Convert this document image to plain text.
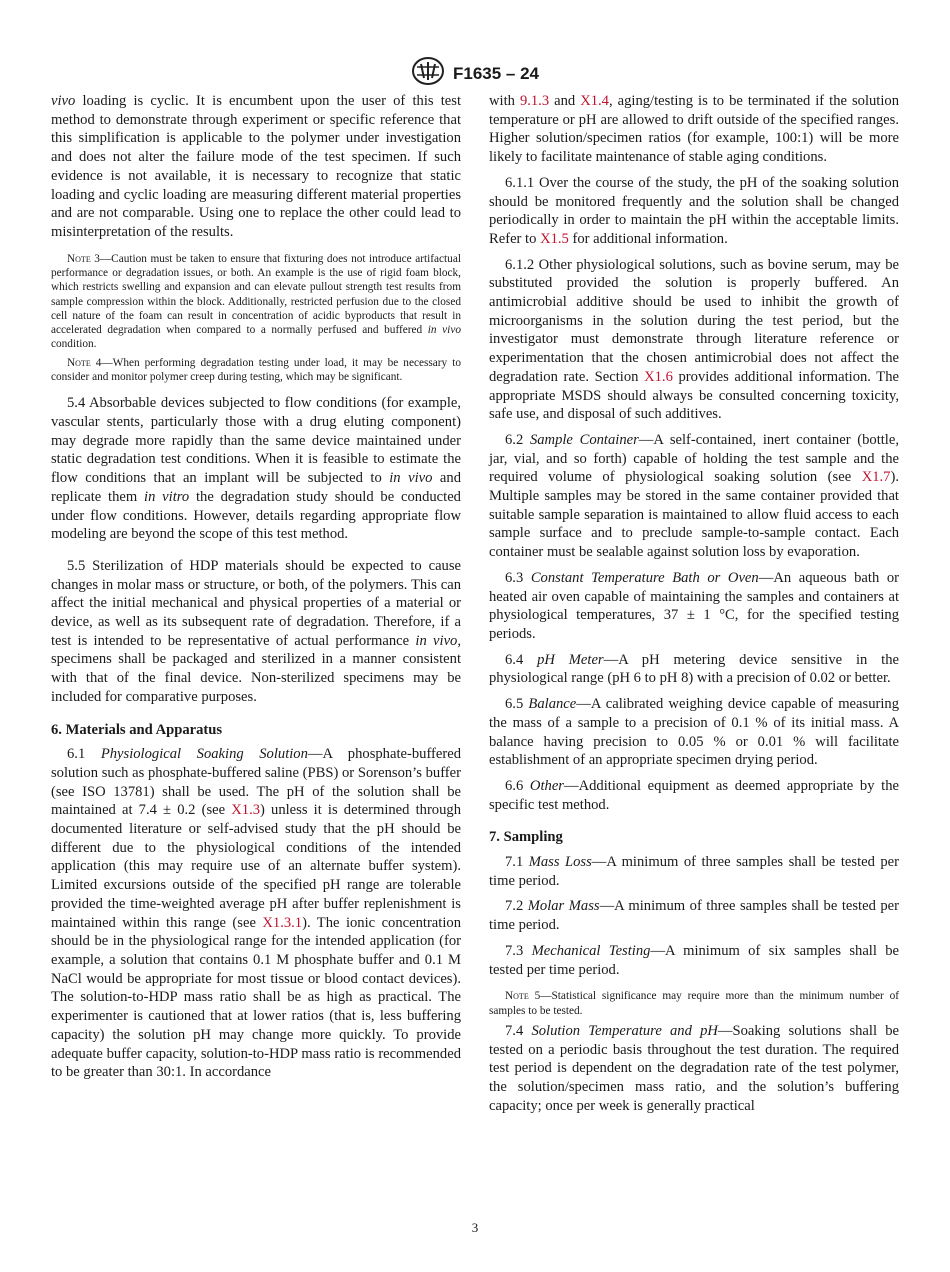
F1635 – 24

vivo loading is cyclic. It is encumbent upon the user of this test method to demonstrate through experiment or specific reference that this simplification is applicable to the polymer under investigation and does not alter the failure mode of the test specimen. If such evidence is not available, it is necessary to recognize that static loading and cyclic loading are measuring different material properties and are not comparable. Using one to replace the other could lead to misinterpretation of the results.

Note 3—Caution must be taken to ensure that fixturing does not introduce artifactual performance or degradation issues, or both. An example is the use of rigid foam block, which restricts swelling and expansion and can elevate pullout strength test results from sample compression within the block. Additionally, restricted perfusion due to the closed cell nature of the foam can result in concentration of acidic byproducts that result in accelerated degradation when compared to a normally perfused and buffered in vivo condition.
Note 4—When performing degradation testing under load, it may be necessary to consider and monitor polymer creep during testing, which may be significant.

5.4 Absorbable devices subjected to flow conditions (for example, vascular stents, particularly those with a drug eluting component) may degrade more rapidly than the same device maintained under static degradation test conditions. When it is feasible to estimate the flow conditions that an implant will be subjected to in vivo and replicate them in vitro the degradation study should be conducted under flow conditions. However, details regarding appropriate flow modeling are beyond the scope of this test method.

5.5 Sterilization of HDP materials should be expected to cause changes in molar mass or structure, or both, of the polymers. This can affect the initial mechanical and physical properties of a material or device, as well as its subsequent rate of degradation. Therefore, if a test is intended to be representative of actual performance in vivo, specimens shall be packaged and sterilized in a manner consistent with that of the final device. Non-sterilized specimens may be included for comparative purposes.

6. Materials and Apparatus

6.1 Physiological Soaking Solution—A phosphate-buffered solution such as phosphate-buffered saline (PBS) or Sorenson’s buffer (see ISO 13781) shall be used. The pH of the solution shall be maintained at 7.4 ± 0.2 (see X1.3) unless it is determined through documented literature or self-advised study that the pH should be different due to the physiological conditions of the intended application (this may require use of an alternate buffer system). Limited excursions outside of the specified pH range are tolerable provided the time-weighted average pH after buffer replenishment is maintained within this range (see X1.3.1). The ionic concentration should be in the physiological range for the intended application (for example, a solution that contains 0.1 M phosphate buffer and 0.1 M NaCl would be appropriate for most tissue or blood contact devices). The solution-to-HDP mass ratio shall be as high as practical. The experimenter is cautioned that at lower ratios (that is, less buffering capacity) the solution pH may change more quickly. To provide adequate buffer capacity, solution-to-HDP mass ratio is recommended to be greater than 30:1. In accordance

with 9.1.3 and X1.4, aging/testing is to be terminated if the solution temperature or pH are allowed to drift outside of the specified ranges. Higher solution/specimen ratios (for example, 100:1) will be more likely to facilitate maintenance of stable aging conditions.

6.1.1 Over the course of the study, the pH of the soaking solution should be monitored frequently and the solution shall be changed periodically in order to maintain the pH within the acceptable limits. Refer to X1.5 for additional information.

6.1.2 Other physiological solutions, such as bovine serum, may be substituted provided the solution is properly buffered. An antimicrobial additive should be used to inhibit the growth of microorganisms in the solution during the test period, but the investigator must demonstrate through literature reference or experimentation that the chosen antimicrobial does not affect the degradation rate. Section X1.6 provides additional information. The appropriate MSDS should always be consulted concerning toxicity, safe use, and disposal of such additives.

6.2 Sample Container—A self-contained, inert container (bottle, jar, vial, and so forth) capable of holding the test sample and the required volume of physiological soaking solution (see X1.7). Multiple samples may be stored in the same container provided that suitable sample separation is maintained to allow fluid access to each sample surface and to preclude sample-to-sample contact. Each container must be sealable against solution loss by evaporation.

6.3 Constant Temperature Bath or Oven—An aqueous bath or heated air oven capable of maintaining the samples and containers at physiological temperatures, 37 ± 1 °C, for the specified testing periods.

6.4 pH Meter—A pH metering device sensitive in the physiological range (pH 6 to pH 8) with a precision of 0.02 or better.

6.5 Balance—A calibrated weighing device capable of measuring the mass of a sample to a precision of 0.1 % of its initial mass. A balance having precision to 0.05 % or 0.01 % will facilitate establishment of an appropriate specimen drying period.

6.6 Other—Additional equipment as deemed appropriate by the specific test method.

7. Sampling

7.1 Mass Loss—A minimum of three samples shall be tested per time period.

7.2 Molar Mass—A minimum of three samples shall be tested per time period.

7.3 Mechanical Testing—A minimum of six samples shall be tested per time period.

Note 5—Statistical significance may require more than the minimum number of samples to be tested.

7.4 Solution Temperature and pH—Soaking solutions shall be tested on a periodic basis throughout the test duration. The required test period is dependent on the degradation rate of the test polymer, the solution/specimen mass ratio, and the solution’s buffering capacity; once per week is generally practical

3
